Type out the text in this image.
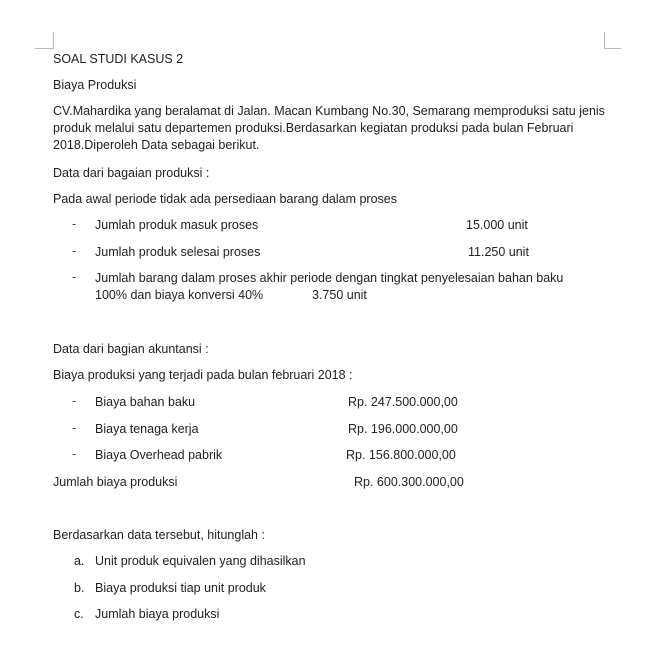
SOAL STUDI KASUS 2
Biaya Produksi
CV.Mahardika yang beralamat di Jalan. Macan Kumbang No.30, Semarang memproduksi satu jenis produk melalui satu departemen produksi.Berdasarkan kegiatan produksi pada bulan Februari 2018.Diperoleh Data sebagai berikut.
Data dari bagaian produksi :
Pada awal periode tidak ada persediaan barang dalam proses
- Jumlah produk masuk proses	15.000 unit
- Jumlah produk selesai proses	11.250 unit
- Jumlah barang dalam proses akhir periode dengan tingkat penyelesaian bahan baku
100% dan biaya konversi 40%	3.750 unit
Data dari bagian akuntansi :
Biaya produksi yang terjadi pada bulan februari 2018 :
- Biaya bahan baku	Rp. 247.500.000,00
- Biaya tenaga kerja	Rp. 196.000.000,00
- Biaya Overhead pabrik	Rp. 156.800.000,00
Jumlah biaya produksi	Rp. 600.300.000,00
Berdasarkan data tersebut, hitunglah :
a. Unit produk equivalen yang dihasilkan
b. Biaya produksi tiap unit produk
c. Jumlah biaya produksi
